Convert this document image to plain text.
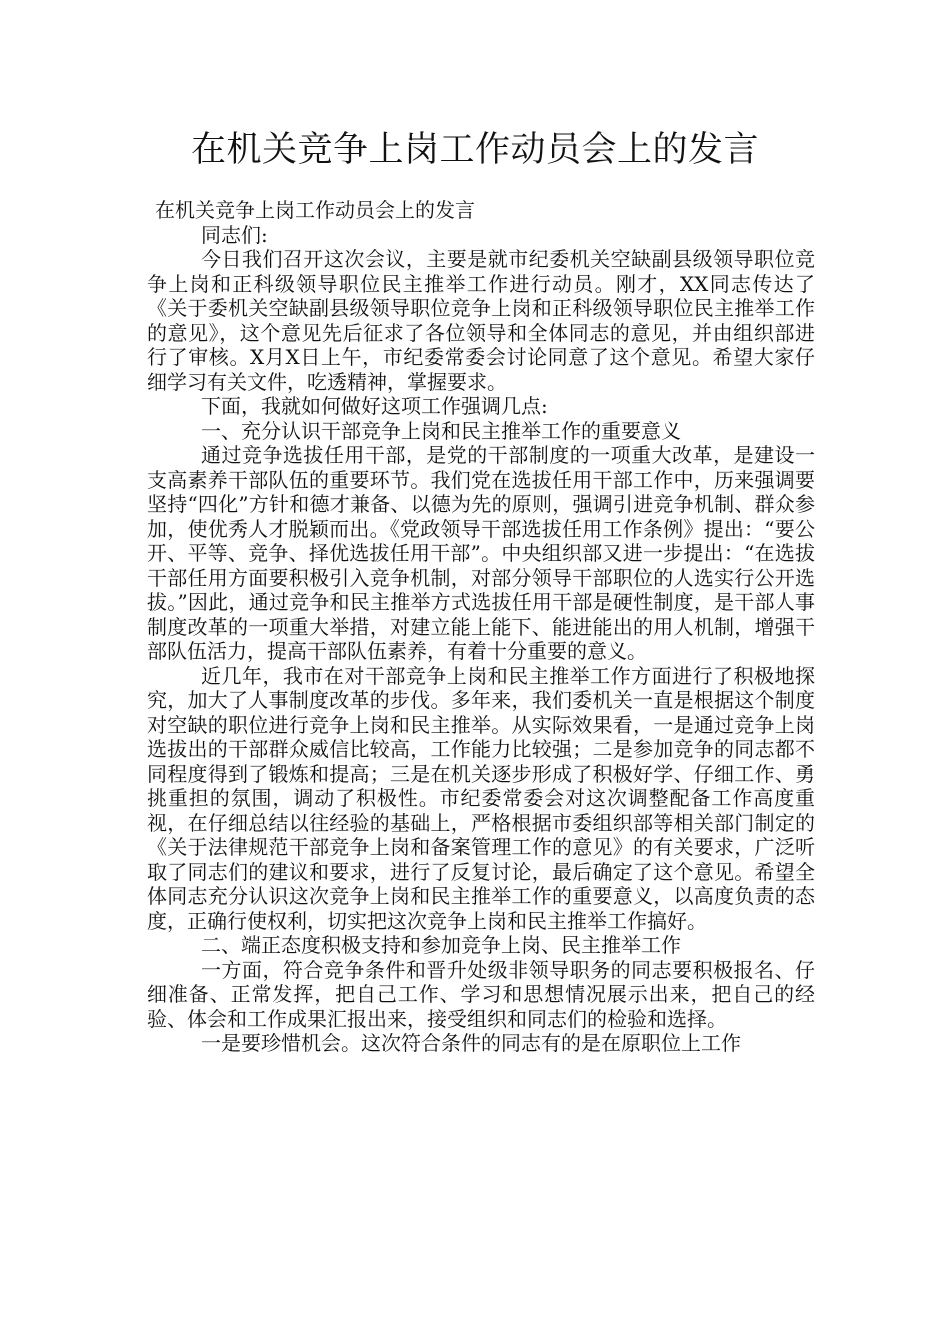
在机关竞争上岗工作动员会上的发言

在机关竞争上岗工作动员会上的发言

同志们:

今日我们召开这次会议，主要是就市纪委机关空缺副县级领导职位竞争上岗和正科级领导职位民主推举工作进行动员。刚才，XX同志传达了《关于委机关空缺副县级领导职位竞争上岗和正科级领导职位民主推举工作的意见》，这个意见先后征求了各位领导和全体同志的意见，并由组织部进行了审核。X月X日上午，市纪委常委会讨论同意了这个意见。希望大家仔细学习有关文件，吃透精神，掌握要求。

下面，我就如何做好这项工作强调几点:

一、充分认识干部竞争上岗和民主推举工作的重要意义

通过竞争选拔任用干部，是党的干部制度的一项重大改革，是建设一支高素养干部队伍的重要环节。我们党在选拔任用干部工作中，历来强调要坚持“四化”方针和德才兼备、以德为先的原则，强调引进竞争机制、群众参加，使优秀人才脱颖而出。《党政领导干部选拔任用工作条例》提出：“要公开、平等、竞争、择优选拔任用干部”。中央组织部又进一步提出：“在选拔干部任用方面要积极引入竞争机制，对部分领导干部职位的人选实行公开选拔。”因此，通过竞争和民主推举方式选拔任用干部是硬性制度，是干部人事制度改革的一项重大举措，对建立能上能下、能进能出的用人机制，增强干部队伍活力，提高干部队伍素养，有着十分重要的意义。

近几年，我市在对干部竞争上岗和民主推举工作方面进行了积极地探究，加大了人事制度改革的步伐。多年来，我们委机关一直是根据这个制度对空缺的职位进行竞争上岗和民主推举。从实际效果看，一是通过竞争上岗选拔出的干部群众威信比较高，工作能力比较强；二是参加竞争的同志都不同程度得到了锻炼和提高；三是在机关逐步形成了积极好学、仔细工作、勇挑重担的氛围，调动了积极性。市纪委常委会对这次调整配备工作高度重视，在仔细总结以往经验的基础上，严格根据市委组织部等相关部门制定的《关于法律规范干部竞争上岗和备案管理工作的意见》的有关要求，广泛听取了同志们的建议和要求，进行了反复讨论，最后确定了这个意见。希望全体同志充分认识这次竞争上岗和民主推举工作的重要意义，以高度负责的态度，正确行使权利，切实把这次竞争上岗和民主推举工作搞好。

二、端正态度积极支持和参加竞争上岗、民主推举工作

一方面，符合竞争条件和晋升处级非领导职务的同志要积极报名、仔细准备、正常发挥，把自己工作、学习和思想情况展示出来，把自己的经验、体会和工作成果汇报出来，接受组织和同志们的检验和选择。

一是要珍惜机会。这次符合条件的同志有的是在原职位上工作
